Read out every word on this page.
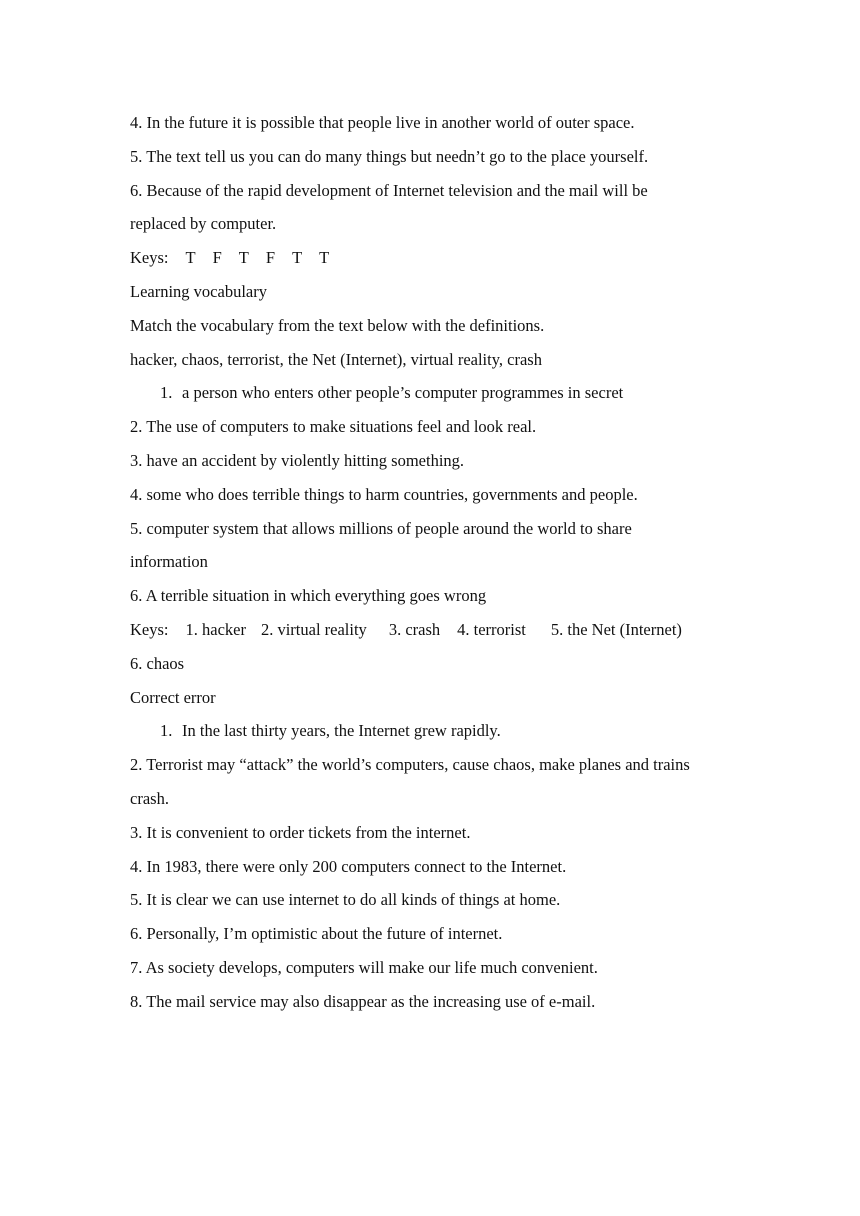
4. In the future it is possible that people live in another world of outer space.
5. The text tell us you can do many things but needn’t go to the place yourself.
6. Because of the rapid development of Internet television and the mail will be
replaced by computer.
Keys: T F T F T T
Learning vocabulary
Match the vocabulary from the text below with the definitions.
hacker, chaos, terrorist, the Net (Internet), virtual reality, crash
1. a person who enters other people’s computer programmes in secret
2. The use of computers to make situations feel and look real.
3. have an accident by violently hitting something.
4. some who does terrible things to harm countries, governments and people.
5. computer system that allows millions of people around the world to share
information
6. A terrible situation in which everything goes wrong
Keys: 1. hacker 2. virtual reality 3. crash 4. terrorist 5. the Net (Internet)
6. chaos
Correct error
1. In the last thirty years, the Internet grew rapidly.
2. Terrorist may “attack” the world’s computers, cause chaos, make planes and trains
crash.
3. It is convenient to order tickets from the internet.
4. In 1983, there were only 200 computers connect to the Internet.
5. It is clear we can use internet to do all kinds of things at home.
6. Personally, I’m optimistic about the future of internet.
7. As society develops, computers will make our life much convenient.
8. The mail service may also disappear as the increasing use of e-mail.
